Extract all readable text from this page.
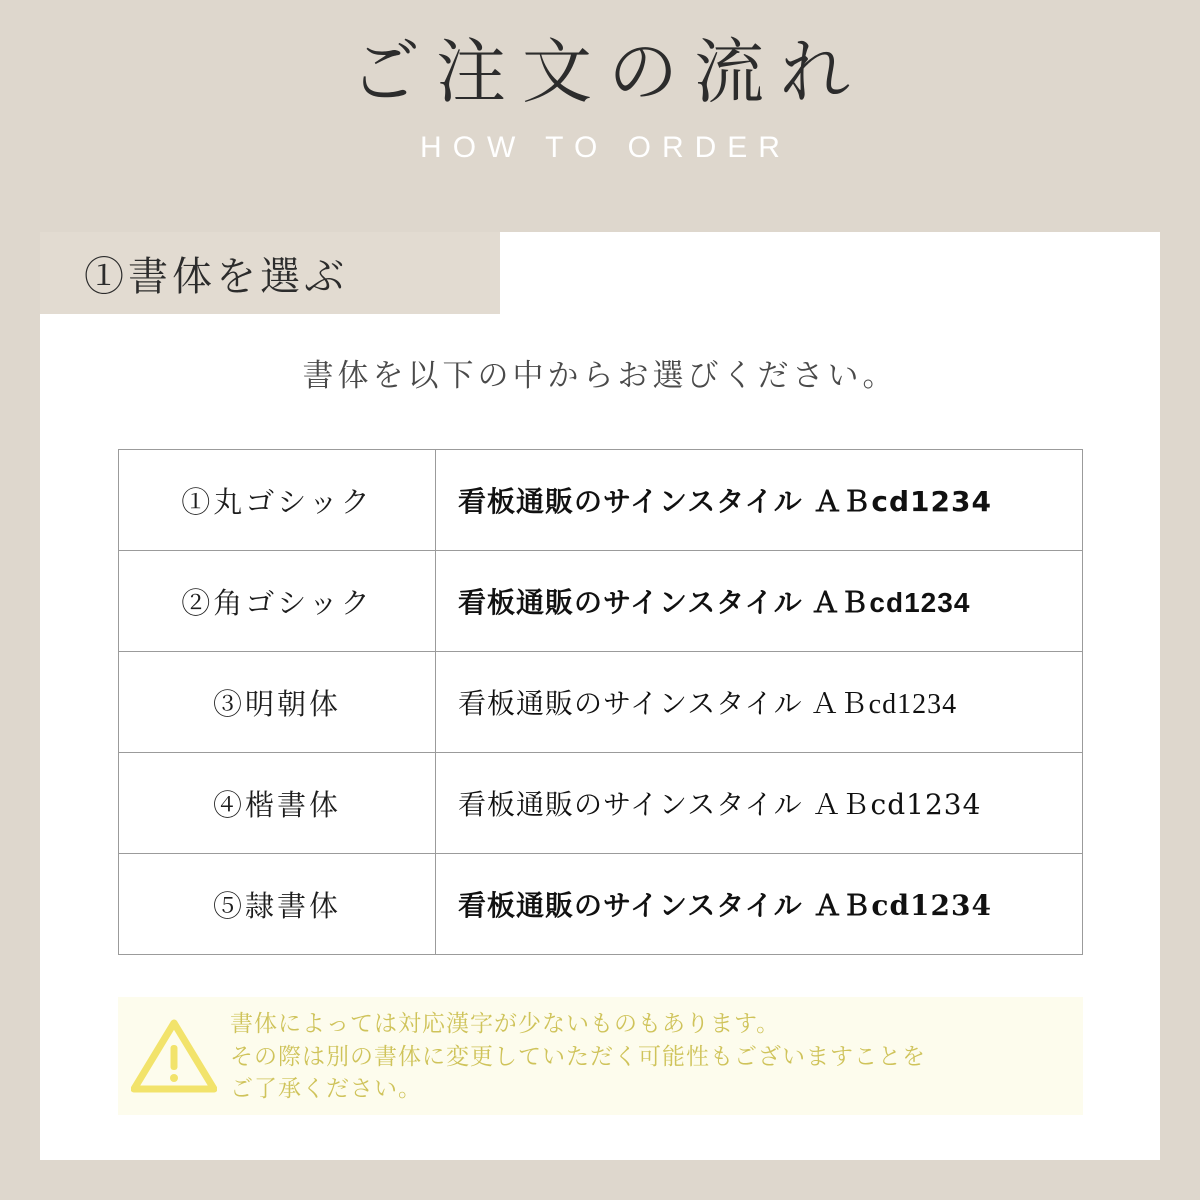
ご注文の流れ
HOW TO ORDER
①書体を選ぶ
書体を以下の中からお選びください。
①丸ゴシック	看板通販のサインスタイル ＡＢcd1234
②角ゴシック	看板通販のサインスタイル ＡＢcd1234
③明朝体	看板通販のサインスタイル ＡＢcd1234
④楷書体	看板通販のサインスタイル ＡＢcd1234
⑤隷書体	看板通販のサインスタイル ＡＢcd1234
書体によっては対応漢字が少ないものもあります。
その際は別の書体に変更していただく可能性もございますことを
ご了承ください。
